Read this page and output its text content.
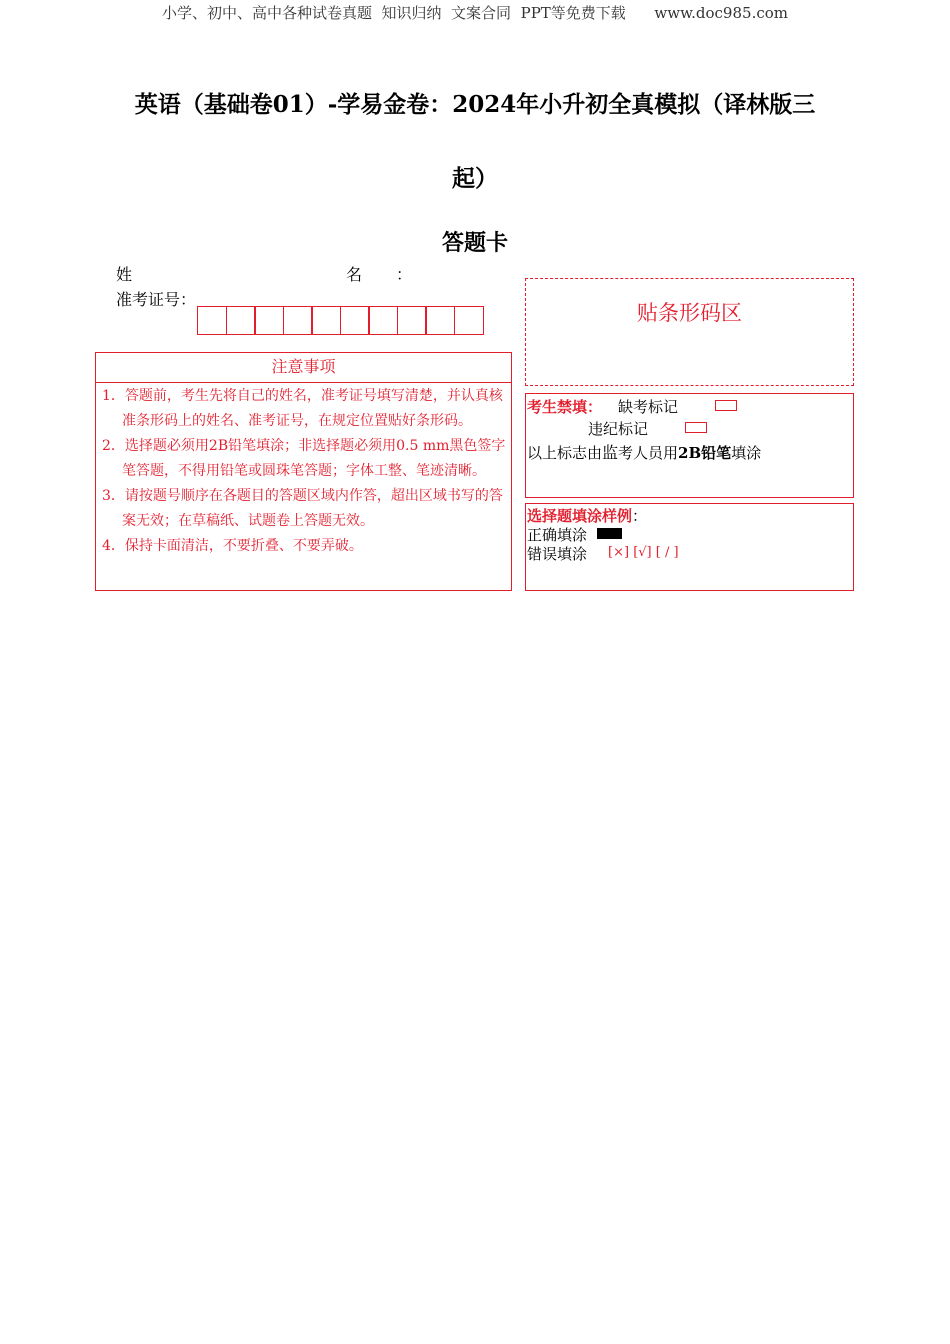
小学、初中、高中各种试卷真题  知识归纳  文案合同  PPT等免费下载      www.doc985.com
英语（基础卷01）-学易金卷：2024年小升初全真模拟（译林版三
起）
答题卡
姓	名 ：
准考证号：
贴条形码区
注意事项
1．答题前，考生先将自己的姓名，准考证号填写清楚，并认真核准条形码上的姓名、准考证号，在规定位置贴好条形码。
2．选择题必须用2B铅笔填涂；非选择题必须用0.5 mm黑色签字笔答题，不得用铅笔或圆珠笔答题；字体工整、笔迹清晰。
3．请按题号顺序在各题目的答题区域内作答，超出区域书写的答案无效；在草稿纸、试题卷上答题无效。
4．保持卡面清洁，不要折叠、不要弄破。
考生禁填： 缺考标记
违纪标记
以上标志由监考人员用2B铅笔填涂
选择题填涂样例：
正确填涂
错误填涂 [×] [√] [ / ]
